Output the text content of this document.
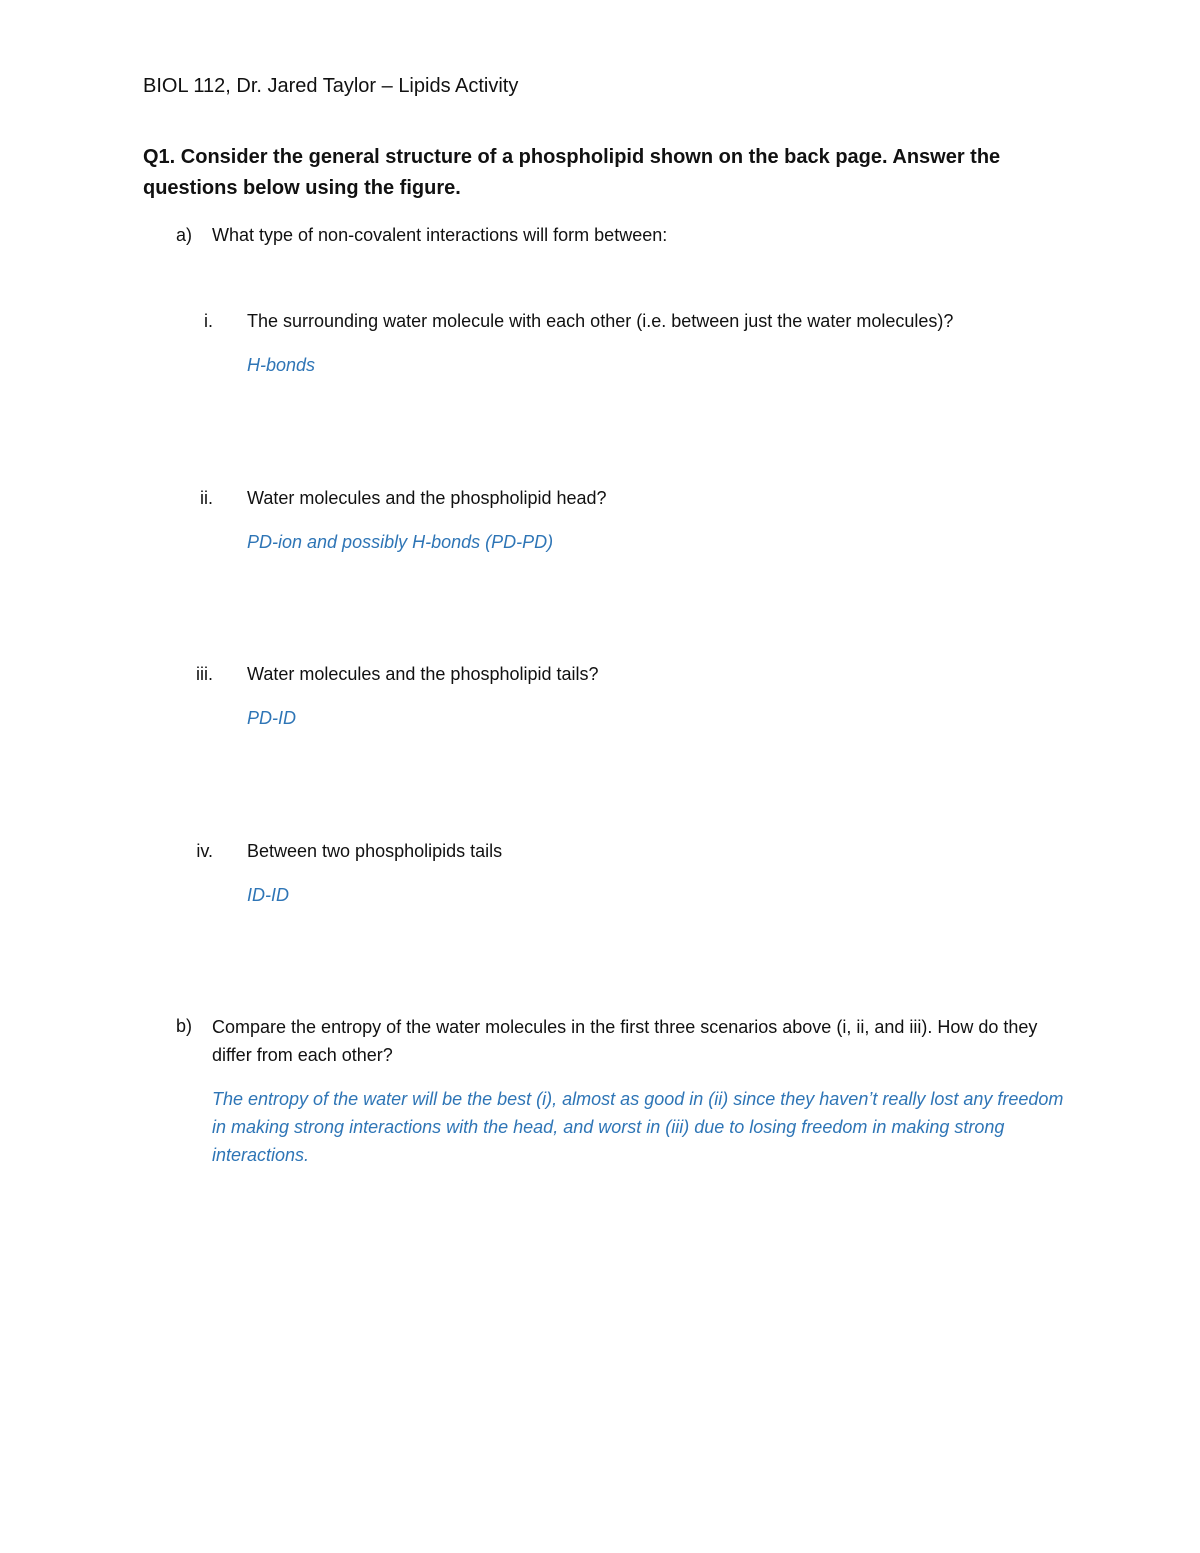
BIOL 112, Dr. Jared Taylor – Lipids Activity
Q1. Consider the general structure of a phospholipid shown on the back page. Answer the questions below using the figure.
a) What type of non-covalent interactions will form between:
i. The surrounding water molecule with each other (i.e. between just the water molecules)?
H-bonds
ii. Water molecules and the phospholipid head?
PD-ion and possibly H-bonds (PD-PD)
iii. Water molecules and the phospholipid tails?
PD-ID
iv. Between two phospholipids tails
ID-ID
b) Compare the entropy of the water molecules in the first three scenarios above (i, ii, and iii). How do they differ from each other?
The entropy of the water will be the best (i), almost as good in (ii) since they haven’t really lost any freedom in making strong interactions with the head, and worst in (iii) due to losing freedom in making strong interactions.
